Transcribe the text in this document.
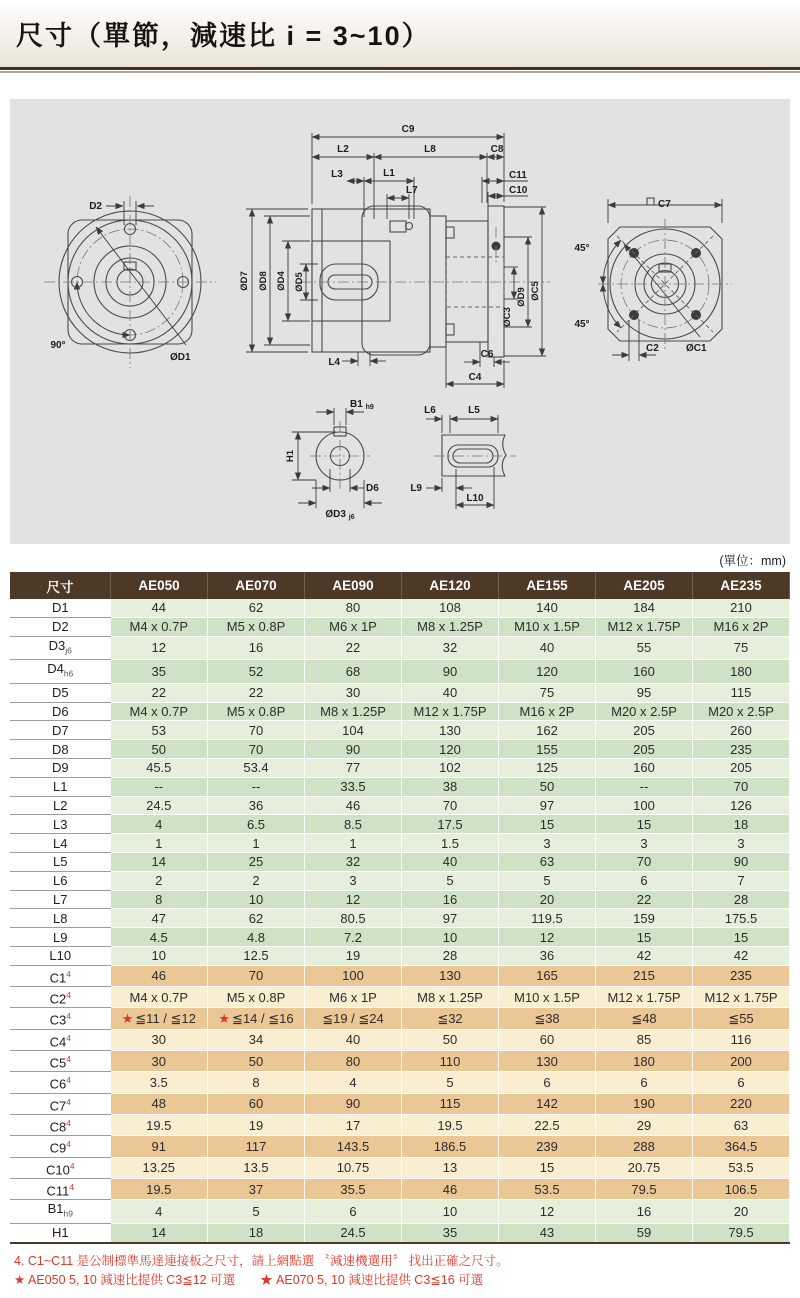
尺寸（單節，減速比 i = 3~10）
D2
90°
ØD1
C9
L2	L8	C8
L3	L1
L7
C11
C10
ØD7 ØD8 ØD4 ØD5
ØC3
ØD9 ØC5
L4
C6
C4
C7
45°
45°
ØC1
C2
B1 $_{h9}$
H1
D6
ØD3 $_{j6}$
L6	L5
L9
L10
(單位：mm)
尺寸	AE050	AE070	AE090	AE120	AE155	AE205	AE235
D1	44	62	80	108	140	184	210
D2	M4 x 0.7P	M5 x 0.8P	M6 x 1P	M8 x 1.25P	M10 x 1.5P	M12 x 1.75P	M16 x 2P
$D3_{j6}$	12	16	22	32	40	55	75
$D4_{h6}$	35	52	68	90	120	160	180
D5	22	22	30	40	75	95	115
D6	M4 x 0.7P	M5 x 0.8P	M8 x 1.25P	M12 x 1.75P	M16 x 2P	M20 x 2.5P	M20 x 2.5P
D7	53	70	104	130	162	205	260
D8	50	70	90	120	155	205	235
D9	45.5	53.4	77	102	125	160	205
L1	--	--	33.5	38	50	--	70
L2	24.5	36	46	70	97	100	126
L3	4	6.5	8.5	17.5	15	15	18
L4	1	1	1	1.5	3	3	3
L5	14	25	32	40	63	70	90
L6	2	2	3	5	5	6	7
L7	8	10	12	16	20	22	28
L8	47	62	80.5	97	119.5	159	175.5
L9	4.5	4.8	7.2	10	12	15	15
L10	10	12.5	19	28	36	42	42
$C1^4$	46	70	100	130	165	215	235
$C2^4$	M4 x 0.7P	M5 x 0.8P	M6 x 1P	M8 x 1.25P	M10 x 1.5P	M12 x 1.75P	M12 x 1.75P
$C3^4$	★ ≦11 / ≦12	★ ≦14 / ≦16	≦19 / ≦24	≦32	≦38	≦48	≦55
$C4^4$	30	34	40	50	60	85	116
$C5^4$	30	50	80	110	130	180	200
$C6^4$	3.5	8	4	5	6	6	6
$C7^4$	48	60	90	115	142	190	220
$C8^4$	19.5	19	17	19.5	22.5	29	63
$C9^4$	91	117	143.5	186.5	239	288	364.5
$C10^4$	13.25	13.5	10.75	13	15	20.75	53.5
$C11^4$	19.5	37	35.5	46	53.5	79.5	106.5
$B1_{h9}$	4	5	6	10	12	16	20
H1	14	18	24.5	35	43	59	79.5
4. C1~C11 是公制標準馬達連接板之尺寸，請上網點選 〝減速機選用〞 找出正確之尺寸。
★ AE050 5, 10 減速比提供 C3≦12 可選　　★ AE070 5, 10 減速比提供 C3≦16 可選
